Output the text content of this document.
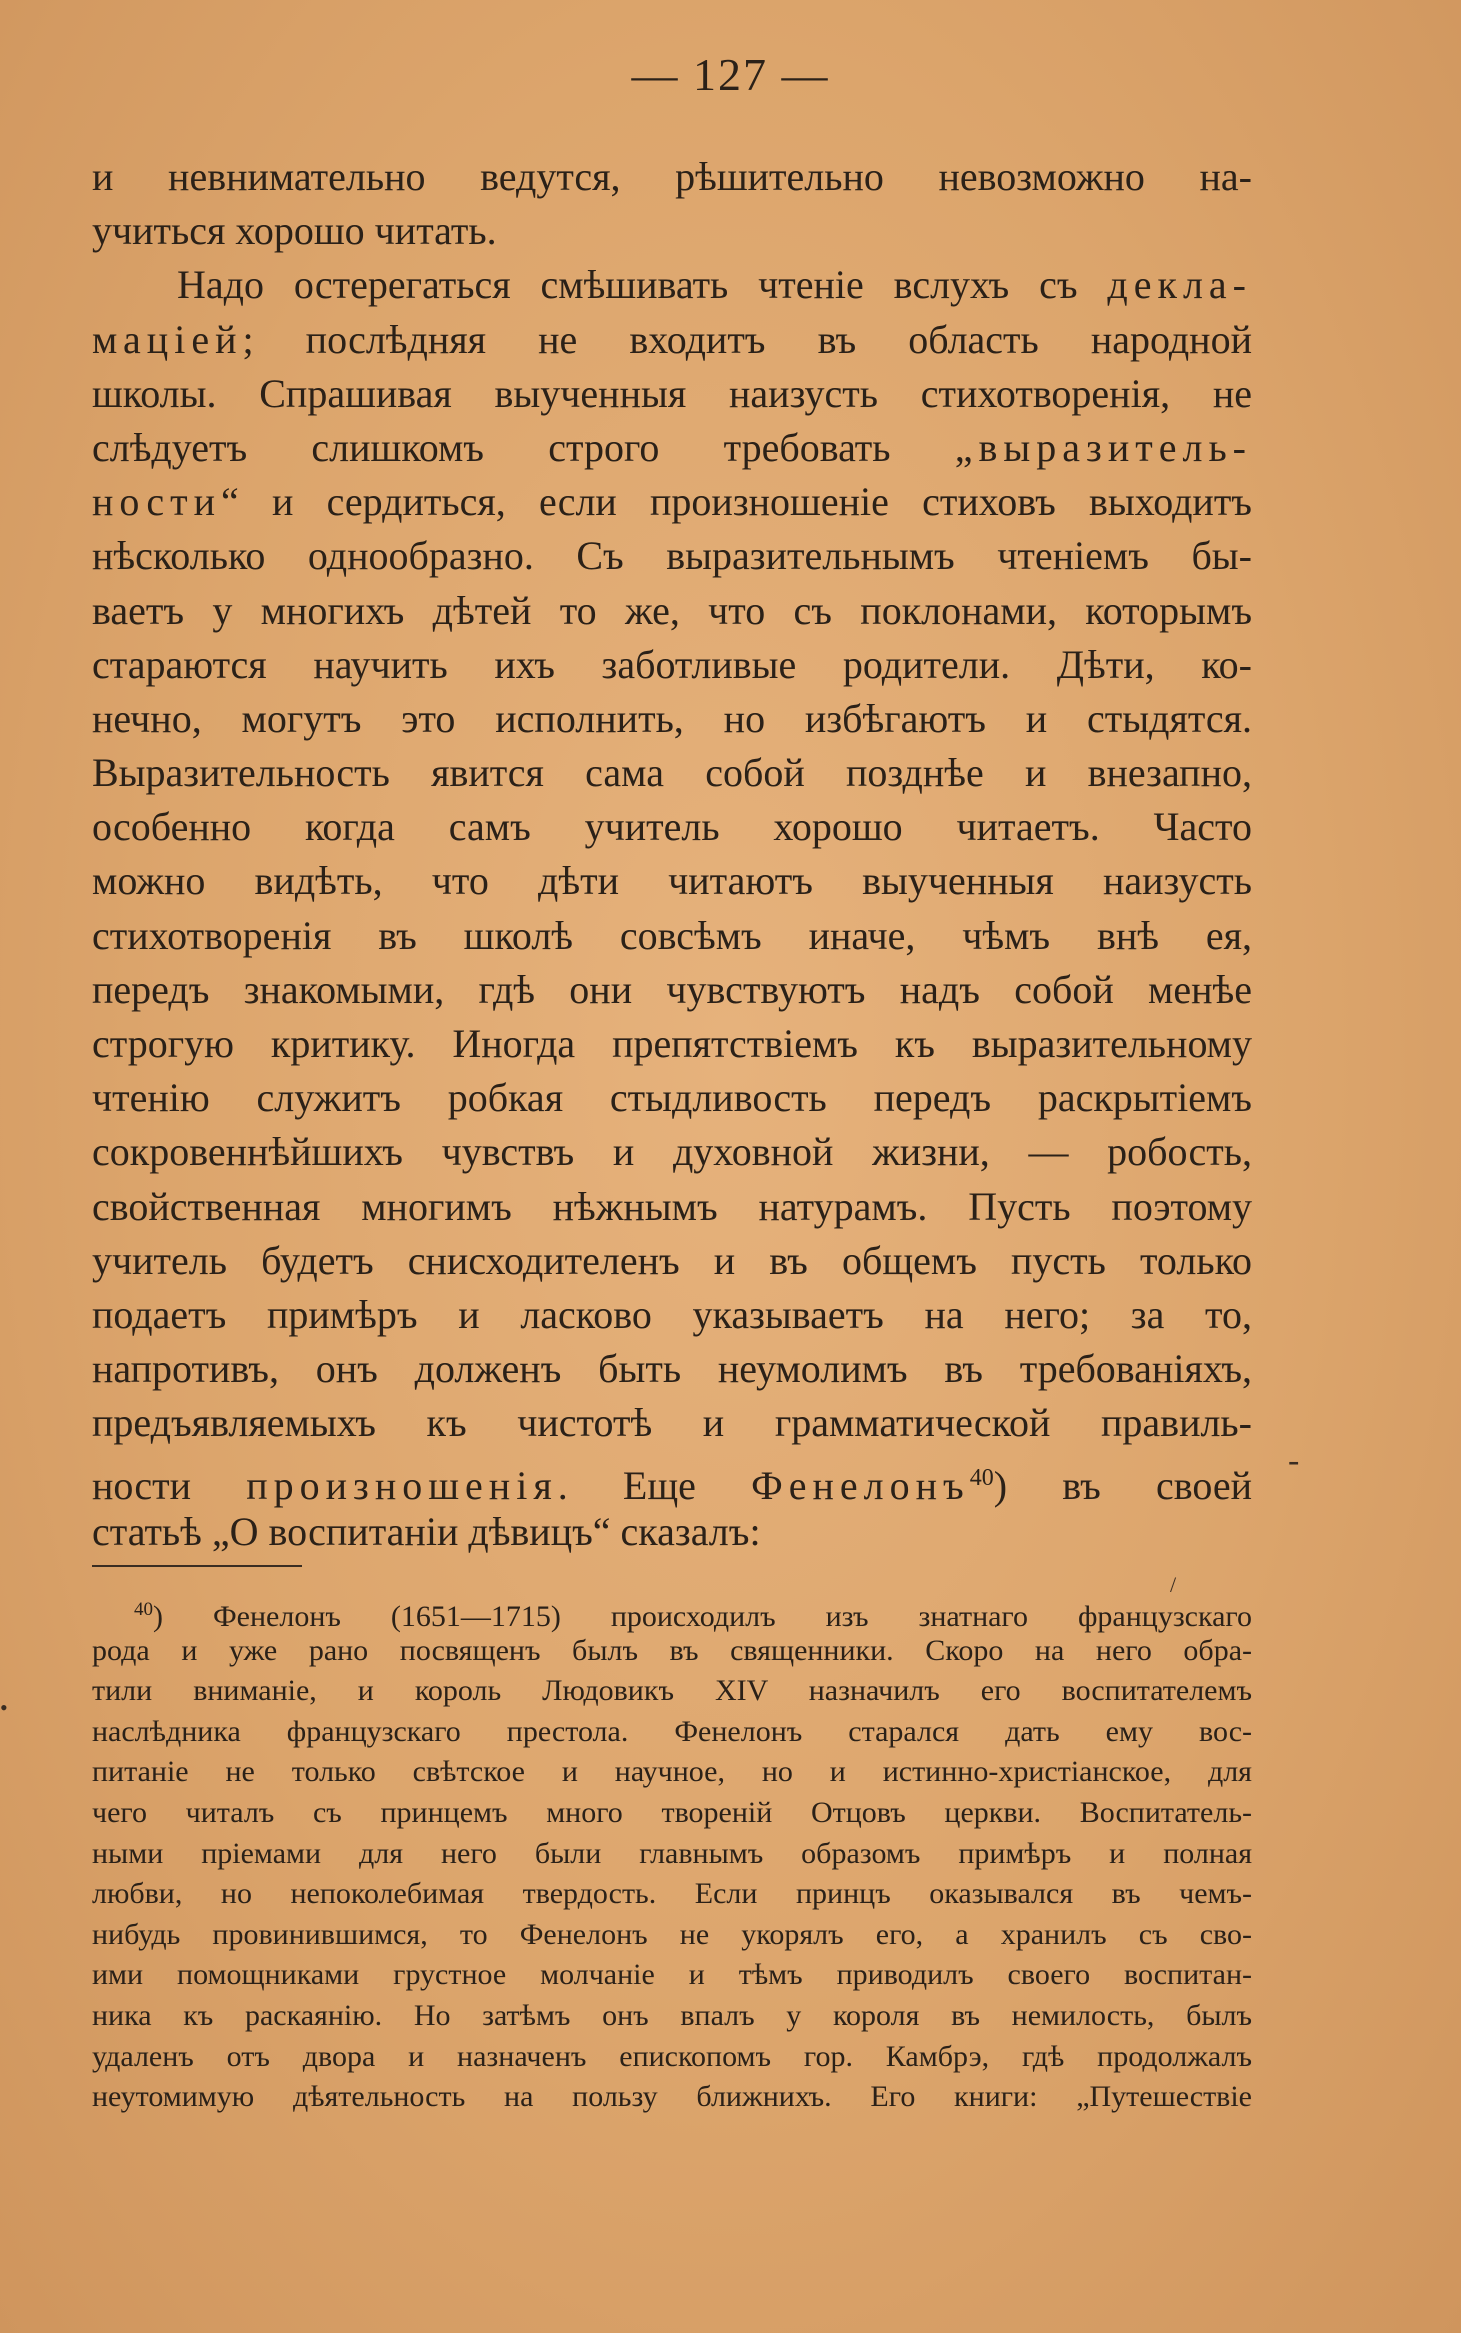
— 127 —
и невнимательно ведутся, рѣшительно невозможно на-
учиться хорошо читать.
Надо остерегаться смѣшивать чтеніе вслухъ съ декла-
маціей; послѣдняя не входитъ въ область народной
школы. Спрашивая выученныя наизусть стихотворенія, не
слѣдуетъ слишкомъ строго требовать „выразитель-
ности“ и сердиться, если произношеніе стиховъ выходитъ
нѣсколько однообразно. Съ выразительнымъ чтеніемъ бы-
ваетъ у многихъ дѣтей то же, что съ поклонами, которымъ
стараются научить ихъ заботливые родители. Дѣти, ко-
нечно, могутъ это исполнить, но избѣгаютъ и стыдятся.
Выразительность явится сама собой позднѣе и внезапно,
особенно когда самъ учитель хорошо читаетъ. Часто
можно видѣть, что дѣти читаютъ выученныя наизусть
стихотворенія въ школѣ совсѣмъ иначе, чѣмъ внѣ ея,
передъ знакомыми, гдѣ они чувствуютъ надъ собой менѣе
строгую критику. Иногда препятствіемъ къ выразительному
чтенію служитъ робкая стыдливость передъ раскрытіемъ
сокровеннѣйшихъ чувствъ и духовной жизни, — робость,
свойственная многимъ нѣжнымъ натурамъ. Пусть поэтому
учитель будетъ снисходителенъ и въ общемъ пусть только
подаетъ примѣръ и ласково указываетъ на него; за то,
напротивъ, онъ долженъ быть неумолимъ въ требованіяхъ,
предъявляемыхъ къ чистотѣ и грамматической правиль-
ности произношенія. Еще Фенелонъ$^{40}$) въ своей
статьѣ „О воспитаніи дѣвицъ“ сказалъ:
$^{40}$) Фенелонъ (1651—1715) происходилъ изъ знатнаго французскаго
рода и уже рано посвященъ былъ въ священники. Скоро на него обра-
тили вниманіе, и король Людовикъ XIV назначилъ его воспитателемъ
наслѣдника французскаго престола. Фенелонъ старался дать ему вос-
питаніе не только свѣтское и научное, но и истинно-христіанское, для
чего читалъ съ принцемъ много твореній Отцовъ церкви. Воспитатель-
ными пріемами для него были главнымъ образомъ примѣръ и полная
любви, но непоколебимая твердость. Если принцъ оказывался въ чемъ-
нибудь провинившимся, то Фенелонъ не укорялъ его, а хранилъ съ сво-
ими помощниками грустное молчаніе и тѣмъ приводилъ своего воспитан-
ника къ раскаянію. Но затѣмъ онъ впалъ у короля въ немилость, былъ
удаленъ отъ двора и назначенъ епископомъ гор. Камбрэ, гдѣ продолжалъ
неутомимую дѣятельность на пользу ближнихъ. Его книги: „Путешествіе
-
/
•
